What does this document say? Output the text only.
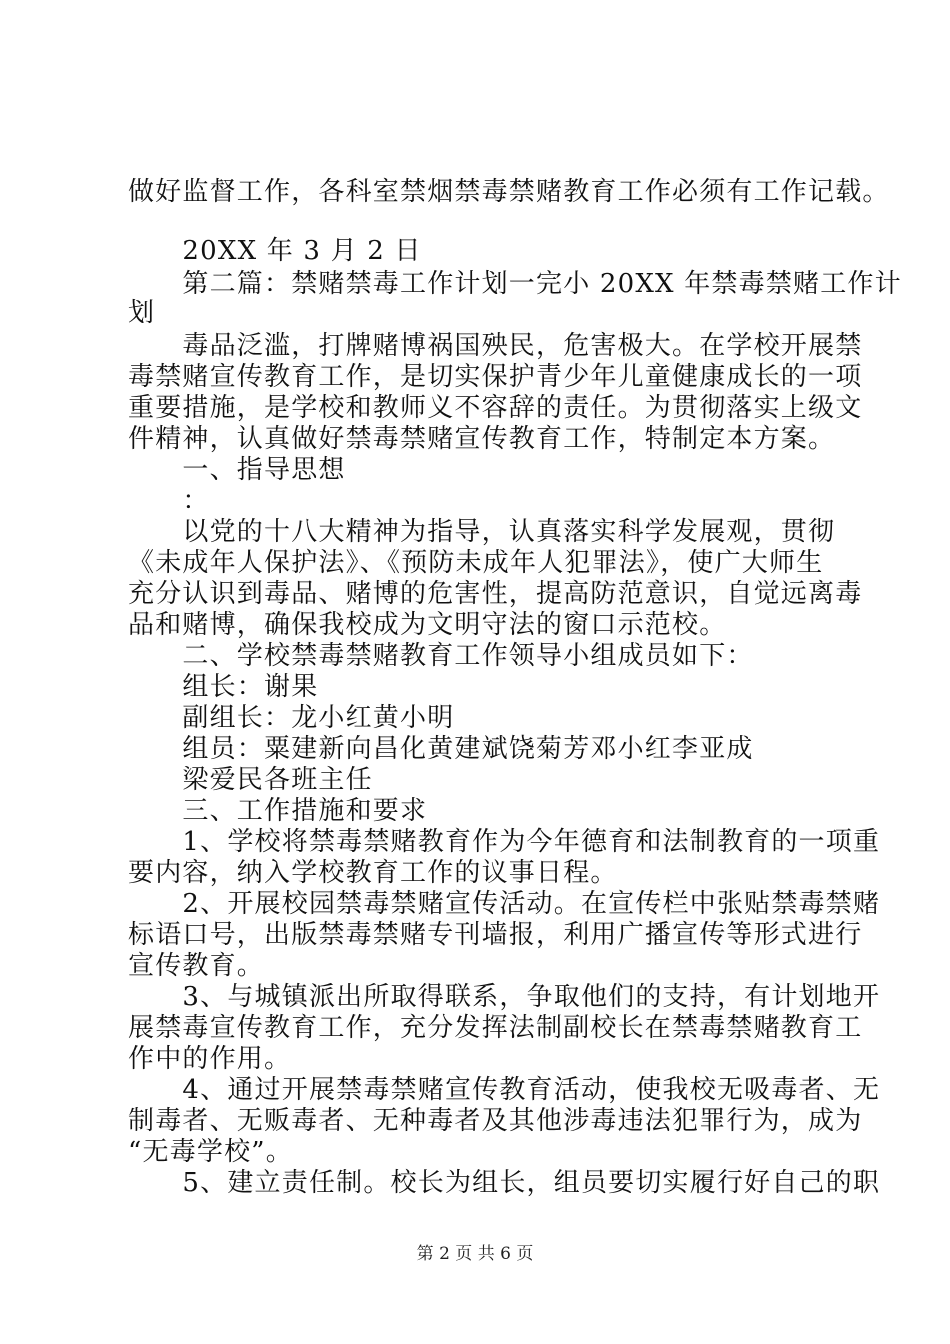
做好监督工作，各科室禁烟禁毒禁赌教育工作必须有工作记载。
　　20XX 年 3 月 2 日
　　第二篇：禁赌禁毒工作计划一完小 20XX 年禁毒禁赌工作计
划
　　毒品泛滥，打牌赌博祸国殃民，危害极大。在学校开展禁
毒禁赌宣传教育工作，是切实保护青少年儿童健康成长的一项
重要措施，是学校和教师义不容辞的责任。为贯彻落实上级文
件精神，认真做好禁毒禁赌宣传教育工作，特制定本方案。
　　一、指导思想
　　：
　　以党的十八大精神为指导，认真落实科学发展观，贯彻
《未成年人保护法》、《预防未成年人犯罪法》，使广大师生
充分认识到毒品、赌博的危害性，提高防范意识，自觉远离毒
品和赌博，确保我校成为文明守法的窗口示范校。
　　二、学校禁毒禁赌教育工作领导小组成员如下：
　　组长：谢果
　　副组长：龙小红黄小明
　　组员：粟建新向昌化黄建斌饶菊芳邓小红李亚成
　　梁爱民各班主任
　　三、工作措施和要求
　　1、学校将禁毒禁赌教育作为今年德育和法制教育的一项重
要内容，纳入学校教育工作的议事日程。
　　2、开展校园禁毒禁赌宣传活动。在宣传栏中张贴禁毒禁赌
标语口号，出版禁毒禁赌专刊墙报，利用广播宣传等形式进行
宣传教育。
　　3、与城镇派出所取得联系，争取他们的支持，有计划地开
展禁毒宣传教育工作，充分发挥法制副校长在禁毒禁赌教育工
作中的作用。
　　4、通过开展禁毒禁赌宣传教育活动，使我校无吸毒者、无
制毒者、无贩毒者、无种毒者及其他涉毒违法犯罪行为，成为
“无毒学校”。
　　5、建立责任制。校长为组长，组员要切实履行好自己的职
第 2 页 共 6 页
